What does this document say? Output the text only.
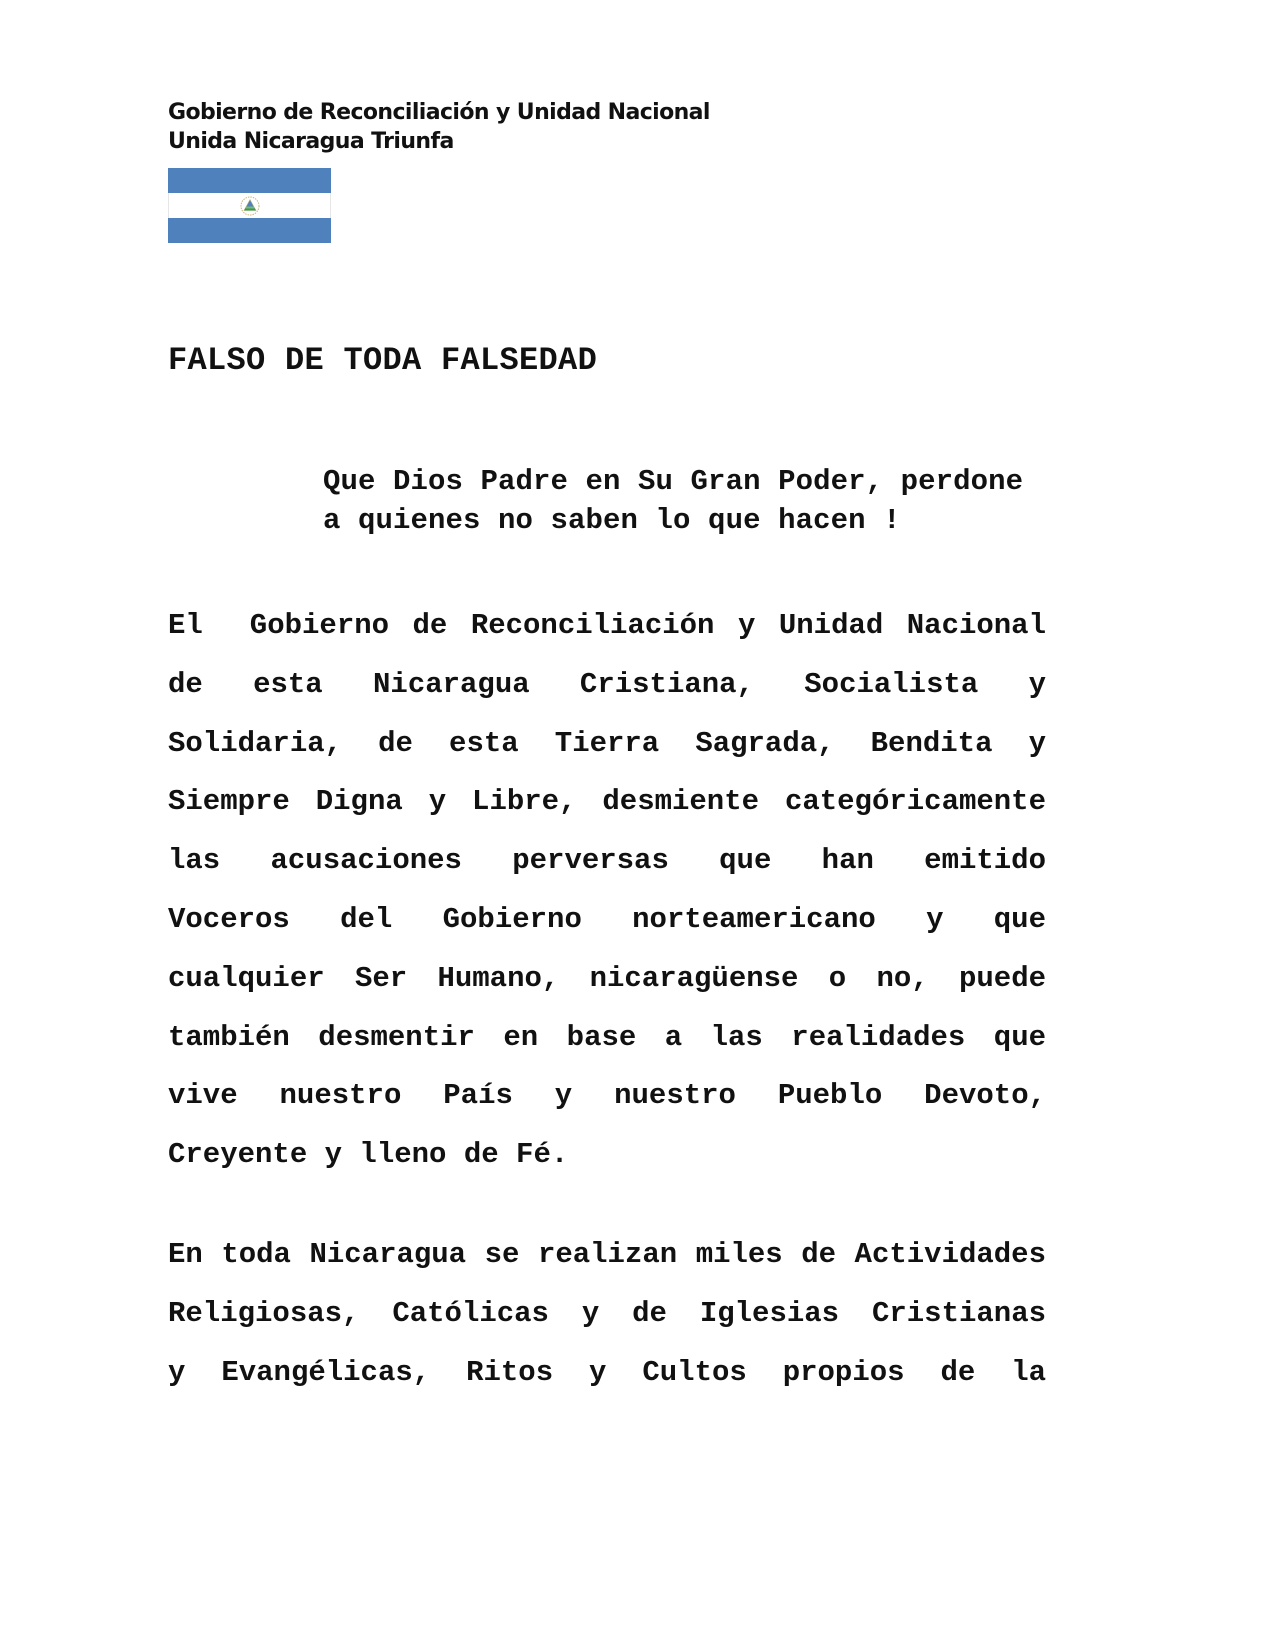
Gobierno de Reconciliación y Unidad Nacional
Unida Nicaragua Triunfa
FALSO DE TODA FALSEDAD
Que Dios Padre en Su Gran Poder, perdone
a quienes no saben lo que hacen !
El  Gobierno de Reconciliación y Unidad Nacional
de esta Nicaragua Cristiana, Socialista y
Solidaria, de esta Tierra Sagrada, Bendita y
Siempre Digna y Libre, desmiente categóricamente
las acusaciones perversas que han emitido
Voceros del Gobierno norteamericano y que
cualquier Ser Humano, nicaragüense o no, puede
también desmentir en base a las realidades que
vive nuestro País y nuestro Pueblo Devoto,
Creyente y lleno de Fé.
En toda Nicaragua se realizan miles de Actividades
Religiosas, Católicas y de Iglesias Cristianas
y Evangélicas, Ritos y Cultos propios de la
